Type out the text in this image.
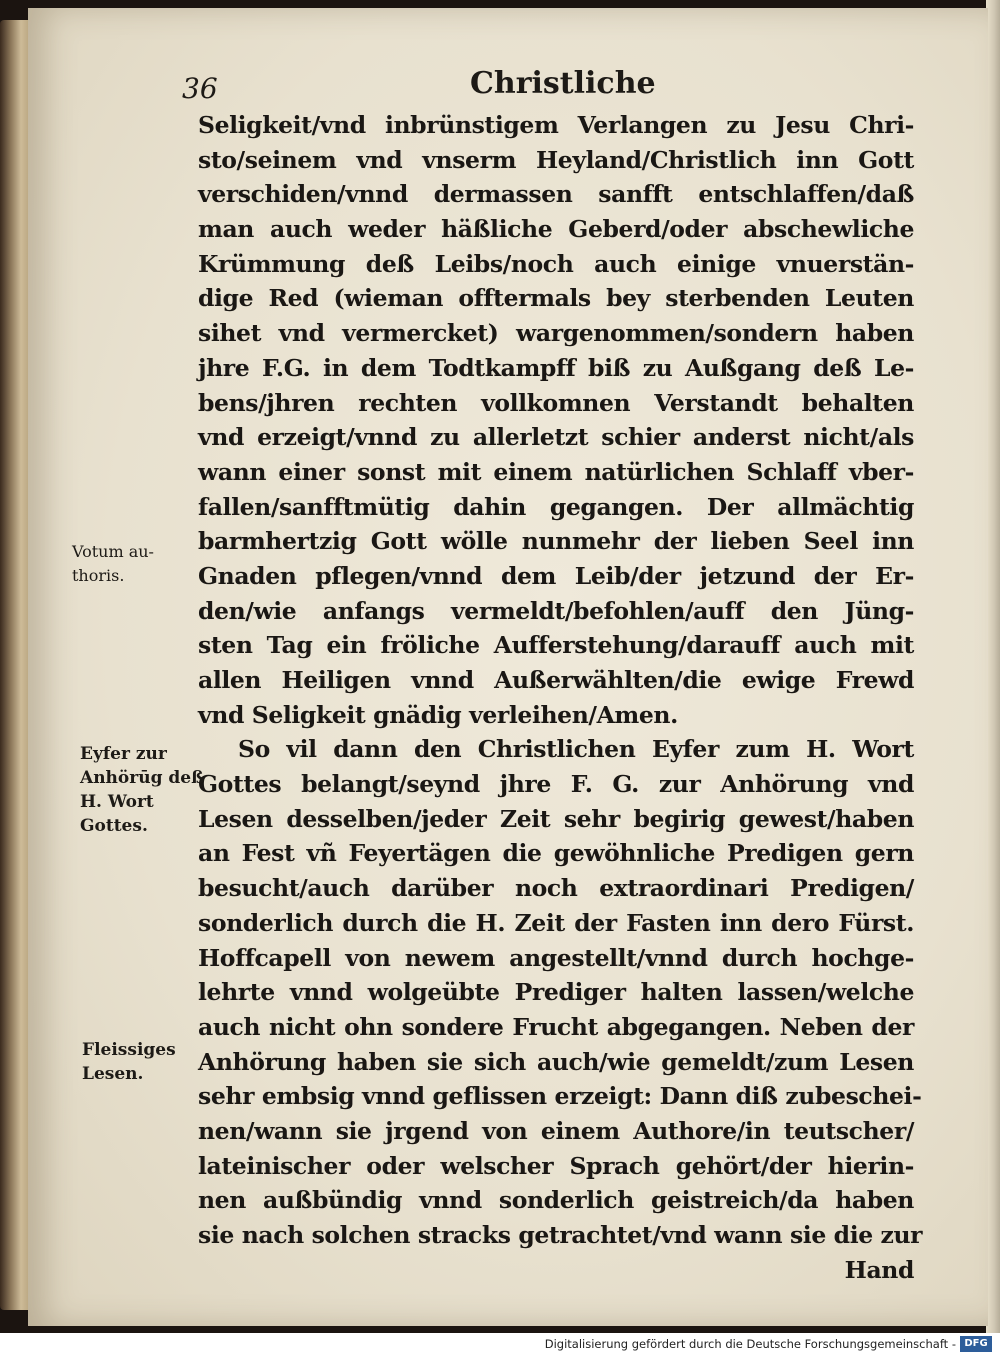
36	Christliche
Seligkeit/vnd inbrünstigem Verlangen zu Jesu Chri-
sto/seinem vnd vnserm Heyland/Christlich inn Gott
verschiden/vnnd dermassen sanfft entschlaffen/daß
man auch weder häßliche Geberd/oder abschewliche
Krümmung deß Leibs/noch auch einige vnuerstän-
dige Red (wieman offtermals bey sterbenden Leuten
sihet vnd vermercket) wargenommen/sondern haben
jhre F.G. in dem Todtkampff biß zu Außgang deß Le-
bens/jhren rechten vollkomnen Verstandt behalten
vnd erzeigt/vnnd zu allerletzt schier anderst nicht/als
wann einer sonst mit einem natürlichen Schlaff vber-
fallen/sanfftmütig dahin gegangen. Der allmächtig
barmhertzig Gott wölle nunmehr der lieben Seel inn
Gnaden pflegen/vnnd dem Leib/der jetzund der Er-
den/wie anfangs vermeldt/befohlen/auff den Jüng-
sten Tag ein fröliche Aufferstehung/darauff auch mit
allen Heiligen vnnd Außerwählten/die ewige Frewd
vnd Seligkeit gnädig verleihen/Amen.
So vil dann den Christlichen Eyfer zum H. Wort
Gottes belangt/seynd jhre F. G. zur Anhörung vnd
Lesen desselben/jeder Zeit sehr begirig gewest/haben
an Fest vñ Feyertägen die gewöhnliche Predigen gern
besucht/auch darüber noch extraordinari Predigen/
sonderlich durch die H. Zeit der Fasten inn dero Fürst.
Hoffcapell von newem angestellt/vnnd durch hochge-
lehrte vnnd wolgeübte Prediger halten lassen/welche
auch nicht ohn sondere Frucht abgegangen. Neben der
Anhörung haben sie sich auch/wie gemeldt/zum Lesen
sehr embsig vnnd geflissen erzeigt: Dann diß zubeschei-
nen/wann sie jrgend von einem Authore/in teutscher/
lateinischer oder welscher Sprach gehört/der hierin-
nen außbündig vnnd sonderlich geistreich/da haben
sie nach solchen stracks getrachtet/vnd wann sie die zur
Hand
Votum au-
thoris.
Eyfer zur
Anhörūg deß
H. Wort
Gottes.
Fleissiges
Lesen.
Digitalisierung gefördert durch die Deutsche Forschungsgemeinschaft - DFG
